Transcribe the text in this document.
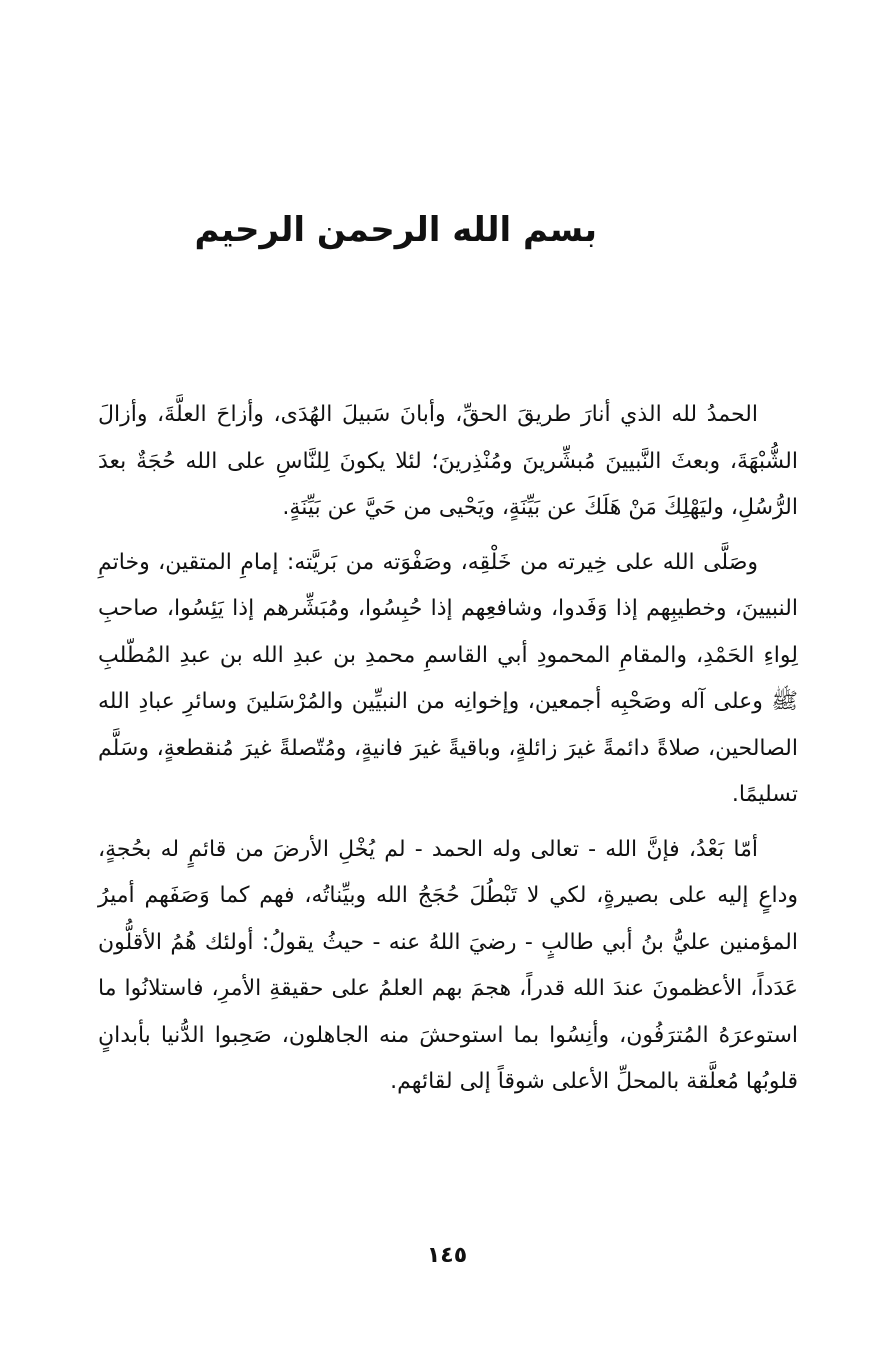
بسم الله الرحمن الرحيم

الحمدُ لله الذي أنارَ طريقَ الحقِّ، وأبانَ سَبيلَ الهُدَى، وأزاحَ العلَّةَ، وأزالَ الشُّبْهَةَ، وبعثَ النَّبيينَ مُبشِّرينَ ومُنْذِرينَ؛ لئلا يكونَ لِلنَّاسِ على الله حُجَةٌ بعدَ الرُّسُلِ، وليَهْلِكَ مَنْ هَلَكَ عن بَيِّنَةٍ، ويَحْيى من حَيَّ عن بَيِّنَةٍ.

وصَلَّى الله على خِيرته من خَلْقِه، وصَفْوَته من بَريَّته: إمامِ المتقين، وخاتمِ النبيينَ، وخطيبِهم إذا وَفَدوا، وشافعِهم إذا حُبِسُوا، ومُبَشِّرهم إذا يَئِسُوا، صاحبِ لِواءِ الحَمْدِ، والمقامِ المحمودِ أبي القاسمِ محمدِ بن عبدِ الله بن عبدِ المُطّلبِ ﷺ وعلى آله وصَحْبِه أجمعين، وإخوانِه من النبيِّين والمُرْسَلينَ وسائرِ عبادِ الله الصالحين، صلاةً دائمةً غيرَ زائلةٍ، وباقيةً غيرَ فانيةٍ، ومُتّصلةً غيرَ مُنقطعةٍ، وسَلَّم تسليمًا.

أمّا بَعْدُ، فإنَّ الله - تعالى وله الحمد - لم يُخْلِ الأرضَ من قائمٍ له بحُجةٍ، وداعٍ إليه على بصيرةٍ، لكي لا تَبْطُلَ حُجَجُ الله وبيِّناتُه، فهم كما وَصَفَهم أميرُ المؤمنين عليُّ بنُ أبي طالبٍ - رضيَ اللهُ عنه - حيثُ يقولُ: أولئك هُمُ الأقلُّون عَدَداً، الأعظمونَ عندَ الله قدراً، هجمَ بهم العلمُ على حقيقةِ الأمرِ، فاستلانُوا ما استوعرَهُ المُترَفُون، وأنِسُوا بما استوحشَ منه الجاهلون، صَحِبوا الدُّنيا بأبدانٍ قلوبُها مُعلَّقة بالمحلِّ الأعلى شوقاً إلى لقائهم.

١٤٥
